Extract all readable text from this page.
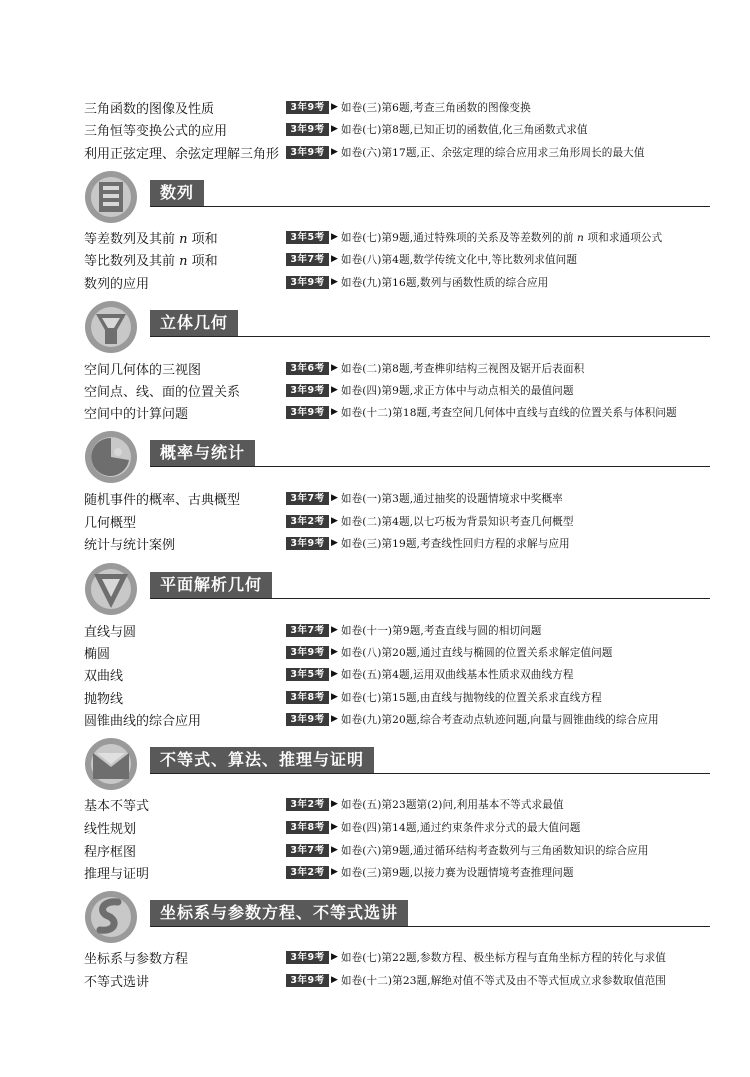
三角函数的图像及性质	3年9考 ▶ 如卷(三)第6题,考查三角函数的图像变换
三角恒等变换公式的应用	3年9考 ▶ 如卷(七)第8题,已知正切的函数值,化三角函数式求值
利用正弦定理、余弦定理解三角形	3年9考 ▶ 如卷(六)第17题,正、余弦定理的综合应用求三角形周长的最大值
数列
等差数列及其前 n 项和	3年5考 ▶ 如卷(七)第9题,通过特殊项的关系及等差数列的前 n 项和求通项公式
等比数列及其前 n 项和	3年7考 ▶ 如卷(八)第4题,数学传统文化中,等比数列求值问题
数列的应用	3年9考 ▶ 如卷(九)第16题,数列与函数性质的综合应用
立体几何
空间几何体的三视图	3年6考 ▶ 如卷(二)第8题,考查榫卯结构三视图及锯开后表面积
空间点、线、面的位置关系	3年9考 ▶ 如卷(四)第9题,求正方体中与动点相关的最值问题
空间中的计算问题	3年9考 ▶ 如卷(十二)第18题,考查空间几何体中直线与直线的位置关系与体积问题
概率与统计
随机事件的概率、古典概型	3年7考 ▶ 如卷(一)第3题,通过抽奖的设题情境求中奖概率
几何概型	3年2考 ▶ 如卷(二)第4题,以七巧板为背景知识考查几何概型
统计与统计案例	3年9考 ▶ 如卷(三)第19题,考查线性回归方程的求解与应用
平面解析几何
直线与圆	3年7考 ▶ 如卷(十一)第9题,考查直线与圆的相切问题
椭圆	3年9考 ▶ 如卷(八)第20题,通过直线与椭圆的位置关系求解定值问题
双曲线	3年5考 ▶ 如卷(五)第4题,运用双曲线基本性质求双曲线方程
抛物线	3年8考 ▶ 如卷(七)第15题,由直线与抛物线的位置关系求直线方程
圆锥曲线的综合应用	3年9考 ▶ 如卷(九)第20题,综合考查动点轨迹问题,向量与圆锥曲线的综合应用
不等式、算法、推理与证明
基本不等式	3年2考 ▶ 如卷(五)第23题第(2)问,利用基本不等式求最值
线性规划	3年8考 ▶ 如卷(四)第14题,通过约束条件求分式的最大值问题
程序框图	3年7考 ▶ 如卷(六)第9题,通过循环结构考查数列与三角函数知识的综合应用
推理与证明	3年2考 ▶ 如卷(三)第9题,以接力赛为设题情境考查推理问题
坐标系与参数方程、不等式选讲
坐标系与参数方程	3年9考 ▶ 如卷(七)第22题,参数方程、极坐标方程与直角坐标方程的转化与求值
不等式选讲	3年9考 ▶ 如卷(十二)第23题,解绝对值不等式及由不等式恒成立求参数取值范围
